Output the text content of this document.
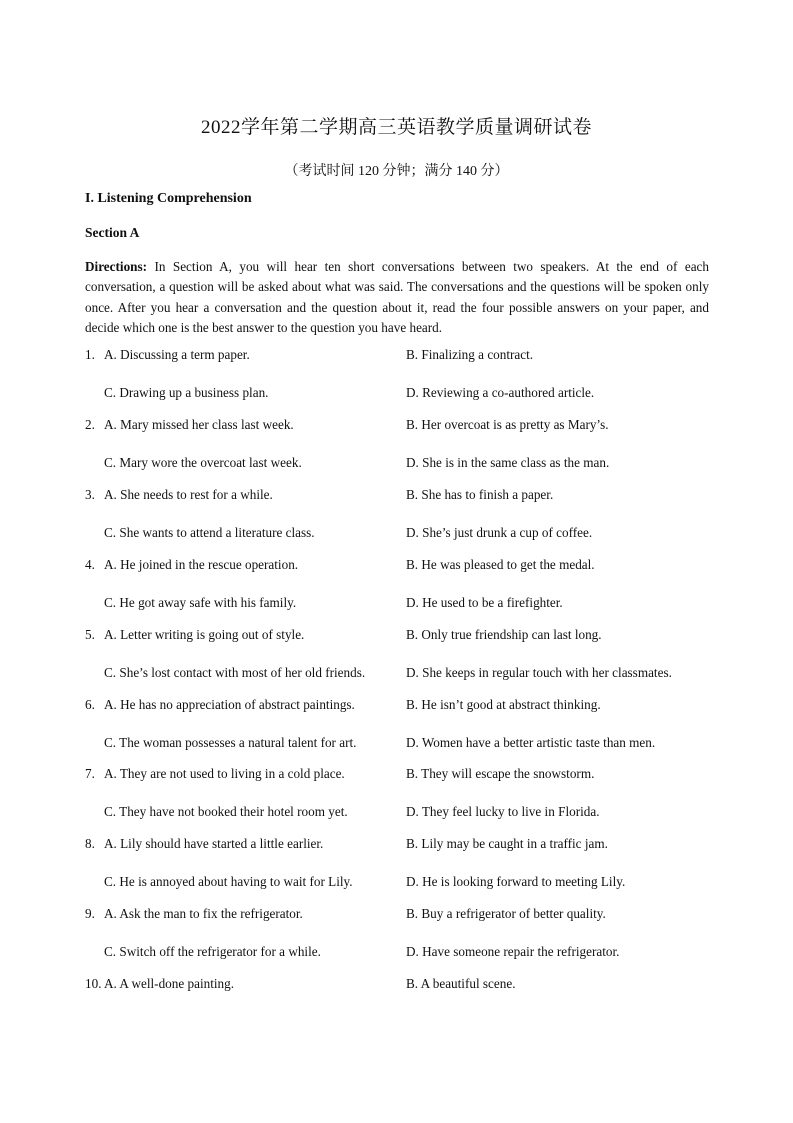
2022学年第二学期高三英语教学质量调研试卷
（考试时间 120 分钟；满分 140 分）
I. Listening Comprehension
Section A

Directions: In Section A, you will hear ten short conversations between two speakers. At the end of each conversation, a question will be asked about what was said. The conversations and the questions will be spoken only once. After you hear a conversation and the question about it, read the four possible answers on your paper, and decide which one is the best answer to the question you have heard.

1. A. Discussing a term paper.	B. Finalizing a contract.
C. Drawing up a business plan.	D. Reviewing a co-authored article.
2. A. Mary missed her class last week.	B. Her overcoat is as pretty as Mary’s.
C. Mary wore the overcoat last week.	D. She is in the same class as the man.
3. A. She needs to rest for a while.	B. She has to finish a paper.
C. She wants to attend a literature class.	D. She’s just drunk a cup of coffee.
4. A. He joined in the rescue operation.	B. He was pleased to get the medal.
C. He got away safe with his family.	D. He used to be a firefighter.
5. A. Letter writing is going out of style.	B. Only true friendship can last long.
C. She’s lost contact with most of her old friends.	D. She keeps in regular touch with her classmates.
6. A. He has no appreciation of abstract paintings.	B. He isn’t good at abstract thinking.
C. The woman possesses a natural talent for art.	D. Women have a better artistic taste than men.
7. A. They are not used to living in a cold place.	B. They will escape the snowstorm.
C. They have not booked their hotel room yet.	D. They feel lucky to live in Florida.
8. A. Lily should have started a little earlier.	B. Lily may be caught in a traffic jam.
C. He is annoyed about having to wait for Lily.	D. He is looking forward to meeting Lily.
9. A. Ask the man to fix the refrigerator.	B. Buy a refrigerator of better quality.
C. Switch off the refrigerator for a while.	D. Have someone repair the refrigerator.
10. A. A well-done painting.	B. A beautiful scene.
